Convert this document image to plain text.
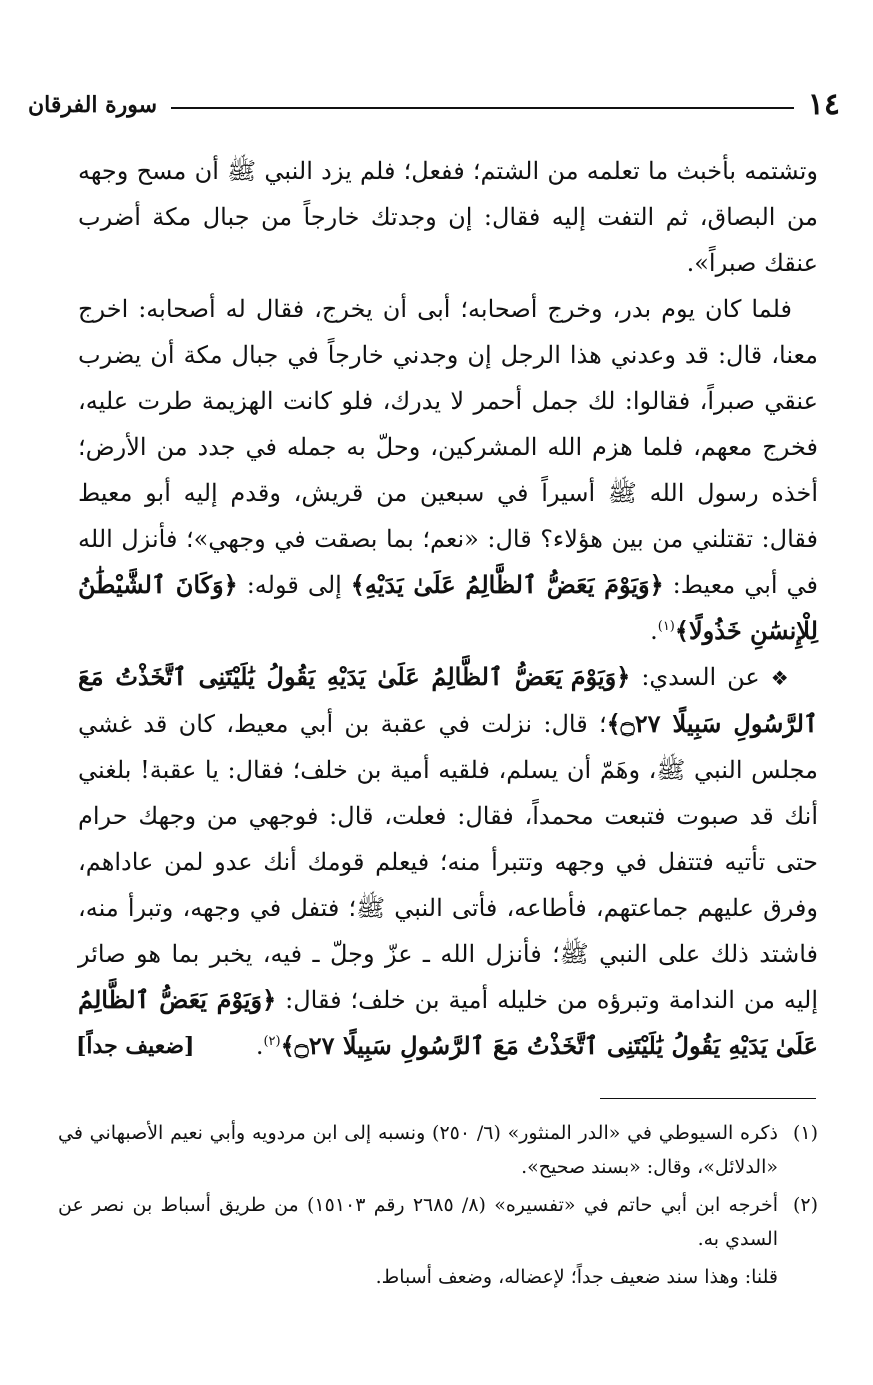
١٤
سورة الفرقان

وتشتمه بأخبث ما تعلمه من الشتم؛ ففعل؛ فلم يزد النبي ﷺ أن مسح وجهه من البصاق، ثم التفت إليه فقال: إن وجدتك خارجاً من جبال مكة أضرب عنقك صبراً».

فلما كان يوم بدر، وخرج أصحابه؛ أبى أن يخرج، فقال له أصحابه: اخرج معنا، قال: قد وعدني هذا الرجل إن وجدني خارجاً في جبال مكة أن يضرب عنقي صبراً، فقالوا: لك جمل أحمر لا يدرك، فلو كانت الهزيمة طرت عليه، فخرج معهم، فلما هزم الله المشركين، وحلّ به جمله في جدد من الأرض؛ أخذه رسول الله ﷺ أسيراً في سبعين من قريش، وقدم إليه أبو معيط فقال: تقتلني من بين هؤلاء؟ قال: «نعم؛ بما بصقت في وجهي»؛ فأنزل الله في أبي معيط: ﴿وَيَوْمَ يَعَضُّ ٱلظَّالِمُ عَلَىٰ يَدَيْهِ﴾ إلى قوله: ﴿وَكَانَ ٱلشَّيْطَٰنُ لِلْإِنسَٰنِ خَذُولًا﴾$^{(١)}$.

❖ عن السدي: ﴿وَيَوْمَ يَعَضُّ ٱلظَّالِمُ عَلَىٰ يَدَيْهِ يَقُولُ يَٰلَيْتَنِى ٱتَّخَذْتُ مَعَ ٱلرَّسُولِ سَبِيلًا ۝٢٧﴾؛ قال: نزلت في عقبة بن أبي معيط، كان قد غشي مجلس النبي ﷺ، وهَمّ أن يسلم، فلقيه أمية بن خلف؛ فقال: يا عقبة! بلغني أنك قد صبوت فتبعت محمداً، فقال: فعلت، قال: فوجهي من وجهك حرام حتى تأتيه فتتفل في وجهه وتتبرأ منه؛ فيعلم قومك أنك عدو لمن عاداهم، وفرق عليهم جماعتهم، فأطاعه، فأتى النبي ﷺ؛ فتفل في وجهه، وتبرأ منه، فاشتد ذلك على النبي ﷺ؛ فأنزل الله ـ عزّ وجلّ ـ فيه، يخبر بما هو صائر إليه من الندامة وتبرؤه من خليله أمية بن خلف؛ فقال: ﴿وَيَوْمَ يَعَضُّ ٱلظَّالِمُ عَلَىٰ يَدَيْهِ يَقُولُ يَٰلَيْتَنِى ٱتَّخَذْتُ مَعَ ٱلرَّسُولِ سَبِيلًا ۝٢٧﴾$^{(٢)}$.
[ضعيف جداً]

(١)
ذكره السيوطي في «الدر المنثور» (٦/ ٢٥٠) ونسبه إلى ابن مردويه وأبي نعيم الأصبهاني في «الدلائل»، وقال: «بسند صحيح».
(٢)
أخرجه ابن أبي حاتم في «تفسيره» (٨/ ٢٦٨٥ رقم ١٥١٠٣) من طريق أسباط بن نصر عن السدي به.
قلنا: وهذا سند ضعيف جداً؛ لإعضاله، وضعف أسباط.
